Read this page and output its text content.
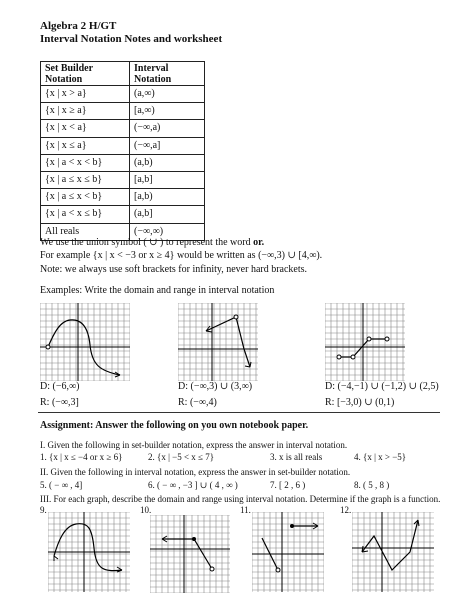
Algebra 2 H/GT
Interval Notation Notes and worksheet
Set Builder Notation	Interval
Notation
{x | x > a}	(a,∞)
{x | x ≥ a}	[a,∞)
{x | x < a}	(−∞,a)
{x | x ≤ a}	(−∞,a]
{x | a < x < b}	(a,b)
{x | a ≤ x ≤ b}	[a,b]
{x | a ≤ x < b}	[a,b)
{x | a < x ≤ b}	(a,b]
All reals	(−∞,∞)
We use the union symbol ( ∪ ) to represent the word or.
For example {x | x < −3 or x ≥ 4} would be written as (−∞,3) ∪ [4,∞).
Note: we always use soft brackets for infinity, never hard brackets.
Examples: Write the domain and range in interval notation
D: (−6,∞)
R: (−∞,3]
D: (−∞,3) ∪ (3,∞)
R: (−∞,4)
D: (−4,−1) ∪ (−1,2) ∪ (2,5)
R: [−3,0) ∪ (0,1)
Assignment: Answer the following on you own notebook paper.
I. Given the following in set-builder notation, express the answer in interval notation.
1. {x | x ≤ −4 or x ≥ 6}	2. {x | −5 < x ≤ 7}	3. x is all reals	4. {x | x > −5}
II. Given the following in interval notation, express the answer in set-builder notation.
5. ( − ∞ , 4]	6. ( − ∞ , −3 ] ∪ ( 4 , ∞ )	7. [ 2 , 6 )	8. ( 5 , 8 )
III. For each graph, describe the domain and range using interval notation. Determine if the graph is a function.
9.	10.	11.	12.
